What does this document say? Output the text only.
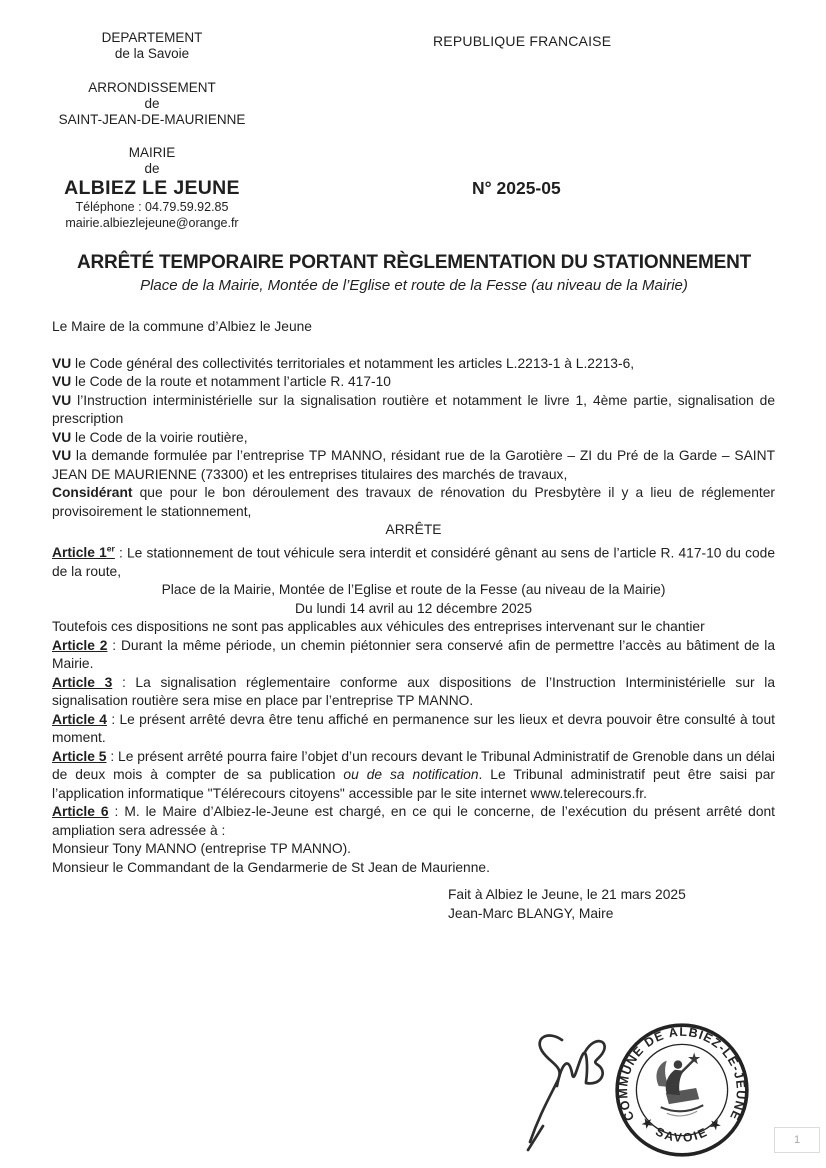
DEPARTEMENT
de la Savoie
ARRONDISSEMENT
de
SAINT-JEAN-DE-MAURIENNE
MAIRIE
de
ALBIEZ LE JEUNE
Téléphone : 04.79.59.92.85
mairie.albiezlejeune@orange.fr
REPUBLIQUE FRANCAISE
N° 2025-05
ARRÊTÉ TEMPORAIRE PORTANT RÈGLEMENTATION DU STATIONNEMENT
Place de la Mairie, Montée de l’Eglise et route de la Fesse (au niveau de la Mairie)

Le Maire de la commune d’Albiez le Jeune

VU le Code général des collectivités territoriales et notamment les articles L.2213-1 à L.2213-6,

VU le Code de la route et notamment l’article R. 417-10

VU l’Instruction interministérielle sur la signalisation routière et notamment le livre 1, 4ème partie, signalisation de prescription

VU le Code de la voirie routière,

VU la demande formulée par l’entreprise TP MANNO, résidant rue de la Garotière – ZI du Pré de la Garde – SAINT JEAN DE MAURIENNE (73300) et les entreprises titulaires des marchés de travaux,

Considérant que pour le bon déroulement des travaux de rénovation du Presbytère il y a lieu de réglementer provisoirement le stationnement,

ARRÊTE

Article 1er : Le stationnement de tout véhicule sera interdit et considéré gênant au sens de l’article R. 417-10 du code de la route,

Place de la Mairie, Montée de l’Eglise et route de la Fesse (au niveau de la Mairie)

Du lundi 14 avril au 12 décembre 2025

Toutefois ces dispositions ne sont pas applicables aux véhicules des entreprises intervenant sur le chantier

Article 2 : Durant la même période, un chemin piétonnier sera conservé afin de permettre l’accès au bâtiment de la Mairie.

Article 3 : La signalisation réglementaire conforme aux dispositions de l’Instruction Interministérielle sur la signalisation routière sera mise en place par l’entreprise TP MANNO.

Article 4 : Le présent arrêté devra être tenu affiché en permanence sur les lieux et devra pouvoir être consulté à tout moment.

Article 5 : Le présent arrêté pourra faire l’objet d’un recours devant le Tribunal Administratif de Grenoble dans un délai de deux mois à compter de sa publication ou de sa notification. Le Tribunal administratif peut être saisi par l’application informatique "Télérecours citoyens" accessible par le site internet www.telerecours.fr.

Article 6 : M. le Maire d’Albiez-le-Jeune est chargé, en ce qui le concerne, de l’exécution du présent arrêté dont ampliation sera adressée à :

Monsieur Tony MANNO (entreprise TP MANNO).

Monsieur le Commandant de la Gendarmerie de St Jean de Maurienne.

Fait à Albiez le Jeune, le 21 mars 2025

Jean-Marc BLANGY, Maire

COMMUNE DE ALBIEZ-LE-JEUNE
★ SAVOIE ★
1
